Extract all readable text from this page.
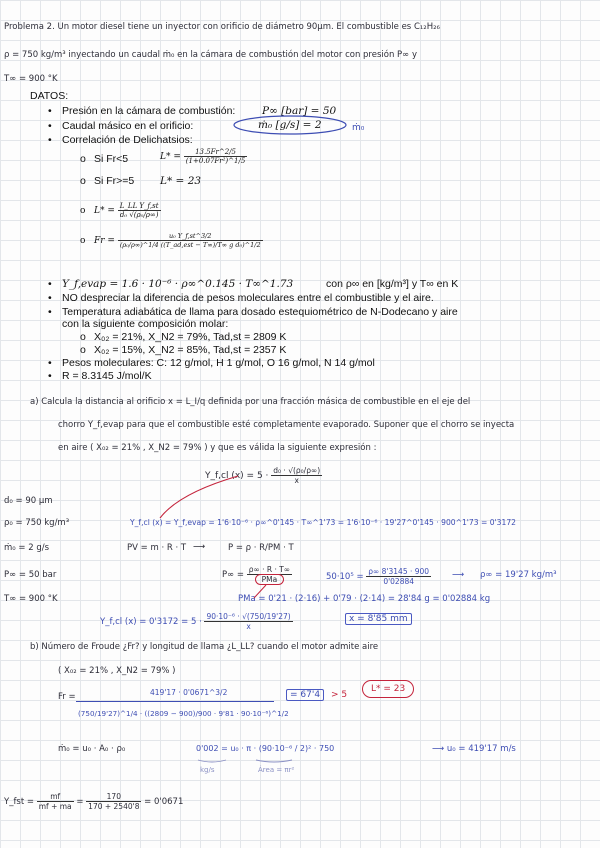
Problema 2. Un motor diesel tiene un inyector con orificio de diámetro 90μm. El combustible es C₁₂H₂₆
ρ = 750 kg/m³ inyectando un caudal ṁ₀ en la cámara de combustión del motor con presión P∞ y
T∞ = 900 °K
DATOS:
• Presión en la cámara de combustión:	P∞ [bar] = 50
• Caudal másico en el orificio:	ṁ₀ [g/s] = 2	ṁ₀
• Correlación de Delichatsios:
o Si Fr<5	$L* = \frac{13.5Fr\^{}2/5}{\text{(1+0.07Fr²)\textasciicircum{}1/5}}$
o Si Fr>=5 L* = 23
o $L* = \frac{\text{L\_LL Y\_f,st}}{\text{d₀ √(ρ₀/ρ∞)}}$
o $Fr = \frac{\text{u₀ Y\_f,st\textasciicircum{}3/2}}{\text{(ρ₀/ρ∞)\textasciicircum{}1/4 ((T\_ad,est − T∞)/T∞ g d₀)\textasciicircum{}1/2}}$
• Y_f,evap = 1.6 · 10⁻⁶ · ρ∞^0.145 · T∞^1.73	con ρ∞ en [kg/m³] y T∞ en K
• NO despreciar la diferencia de pesos moleculares entre el combustible y el aire.
• Temperatura adiabática de llama para dosado estequiométrico de N-Dodecano y aire
con la siguiente composición molar:
o X₀₂ = 21%, X_N2 = 79%, Tad,st = 2809 K
o X₀₂ = 15%, X_N2 = 85%, Tad,st = 2357 K
• Pesos moleculares: C: 12 g/mol, H 1 g/mol, O 16 g/mol, N 14 g/mol
• R = 8.3145 J/mol/K
a) Calcula la distancia al orificio x = L_I/q definida por una fracción másica de combustible en el eje del
chorro Y_f,evap para que el combustible esté completamente evaporado. Suponer que el chorro se inyecta
en aire ( X₀₂ = 21% , X_N2 = 79% ) y que es válida la siguiente expresión :
Y_f,cl $(x) = 5 \cdot \frac{\text{d₀ · √(ρ₀/ρ∞)}}{x}$
d₀ = 90 μm
ρ₀ = 750 kg/m³	Y_f,cl (x) = Y_f,evap = 1'6·10⁻⁶ · ρ∞^0'145 · T∞^1'73 = 1'6·10⁻⁶ · 19'27^0'145 · 900^1'73 = 0'3172
ṁ₀ = 2 g/s	PV = m · R · T ⟶	P = ρ · R/PM · T
P∞ = 50 bar	$P\infty = \frac{\rho\infty \cdot R \cdot T\infty}{\text{PMa}}$	$50\cdot 10^5 = \frac{\rho\infty 8'3145 \cdot 900}{0'02884}$ ⟶ ρ∞ = 19'27 kg/m³
T∞ = 900 °K	PMa = 0'21 · (2·16) + 0'79 · (2·14) = 28'84 g = 0'02884 kg
Y_f,cl $(x) = 0'3172 = 5 \cdot \frac{\text{90·10⁻⁶ · √(750/19'27)}}{x}$	x = 8'85 mm
b) Número de Froude ¿Fr? y longitud de llama ¿L_LL? cuando el motor admite aire
( X₀₂ = 21% , X_N2 = 79% )
Fr =	419'17 · 0'0671^3/2
(750/19'27)^1/4 · ((2809 − 900)/900 · 9'81 · 90·10⁻⁶)^1/2
= 67'4	> 5
L* = 23
ṁ₀ = u₀ · A₀ · ρ₀	0'002 = u₀ · π · (90·10⁻⁶ / 2)² · 750	⟶ u₀ = 419'17 m/s
kg/s	Área = πr²
Y_fst = $\frac{mf}{mf + ma} = \frac{170}{170 + 2540'8} = 0'0671$
